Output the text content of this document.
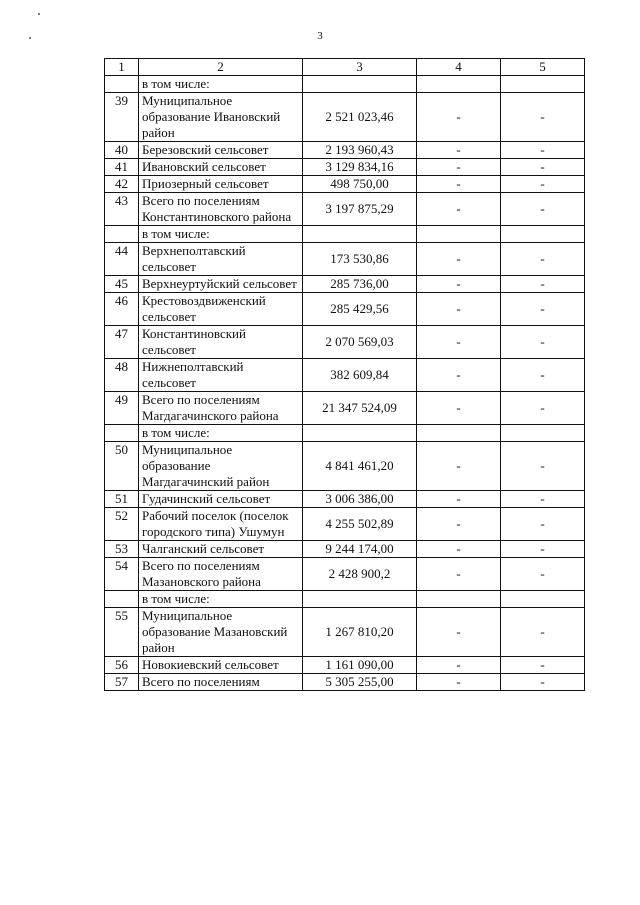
3
1	2	3	4	5
	в том числе:			
39	Муниципальное образование Ивановский район	2 521 023,46	-	-
40	Березовский сельсовет	2 193 960,43	-	-
41	Ивановский сельсовет	3 129 834,16	-	-
42	Приозерный сельсовет	498 750,00	-	-
43	Всего по поселениям Константиновского района	3 197 875,29	-	-
	в том числе:			
44	Верхнеполтавский сельсовет	173 530,86	-	-
45	Верхнеуртуйский сельсовет	285 736,00	-	-
46	Крестовоздвиженский сельсовет	285 429,56	-	-
47	Константиновский сельсовет	2 070 569,03	-	-
48	Нижнеполтавский сельсовет	382 609,84	-	-
49	Всего по поселениям Магдагачинского района	21 347 524,09	-	-
	в том числе:			
50	Муниципальное образование Магдагачинский район	4 841 461,20	-	-
51	Гудачинский сельсовет	3 006 386,00	-	-
52	Рабочий поселок (поселок городского типа) Ушумун	4 255 502,89	-	-
53	Чалганский сельсовет	9 244 174,00	-	-
54	Всего по поселениям Мазановского района	2 428 900,2	-	-
	в том числе:			
55	Муниципальное образование Мазановский район	1 267 810,20	-	-
56	Новокиевский сельсовет	1 161 090,00	-	-
57	Всего по поселениям	5 305 255,00	-	-
